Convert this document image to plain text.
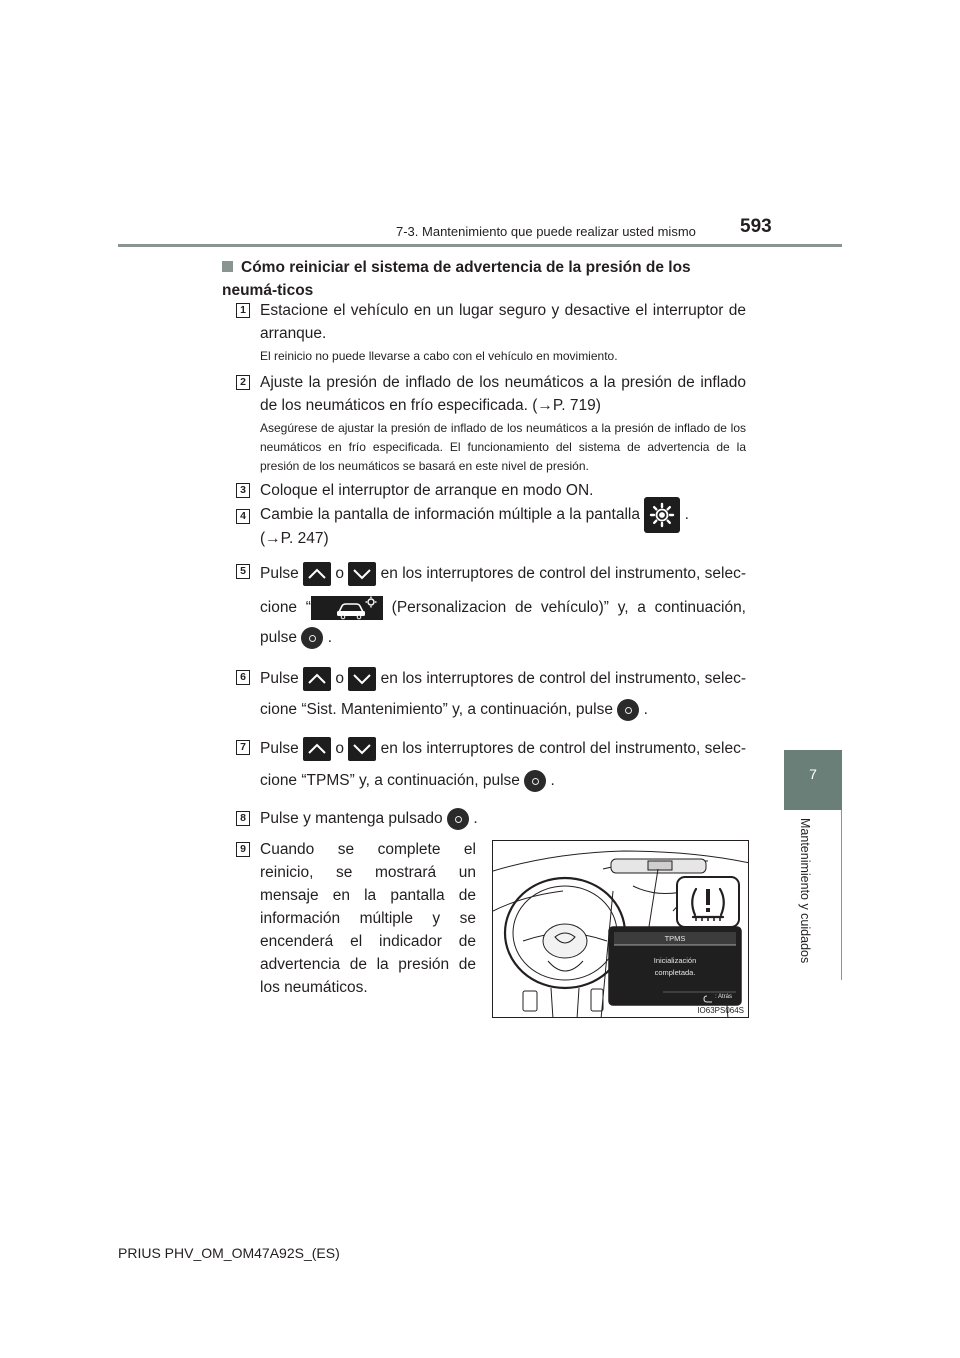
7-3. Mantenimiento que puede realizar usted mismo 593
7
Mantenimiento y cuidados
Cómo reiniciar el sistema de advertencia de la presión de los neumá-ticos
1 Estacione el vehículo en un lugar seguro y desactive el interruptor de arranque.
El reinicio no puede llevarse a cabo con el vehículo en movimiento.
2 Ajuste la presión de inflado de los neumáticos a la presión de inflado de los neumáticos en frío especificada. (→P. 719)
Asegúrese de ajustar la presión de inflado de los neumáticos a la presión de inflado de los neumáticos en frío especificada. El funcionamiento del sistema de advertencia de la presión de los neumáticos se basará en este nivel de presión.
3 Coloque el interruptor de arranque en modo ON.
4 Cambie la pantalla de información múltiple a la pantalla	.
(→P. 247)
5 Pulse o en los interruptores de control del instrumento, selec-
cione “	(Personalizacion de vehículo)” y, a continuación,
pulse .
6 Pulse o en los interruptores de control del instrumento, selec-
cione “Sist. Mantenimiento” y, a continuación, pulse .
7 Pulse o en los interruptores de control del instrumento, selec-
cione “TPMS” y, a continuación, pulse .
8 Pulse y mantenga pulsado .
9 Cuando se complete el reinicio, se mostrará un mensaje en la pantalla de información múltiple y se encenderá el indicador de advertencia de la presión de los neumáticos.
TPMS
Inicialización
completada.
: Atrás
IO63PS064S
PRIUS PHV_OM_OM47A92S_(ES)
